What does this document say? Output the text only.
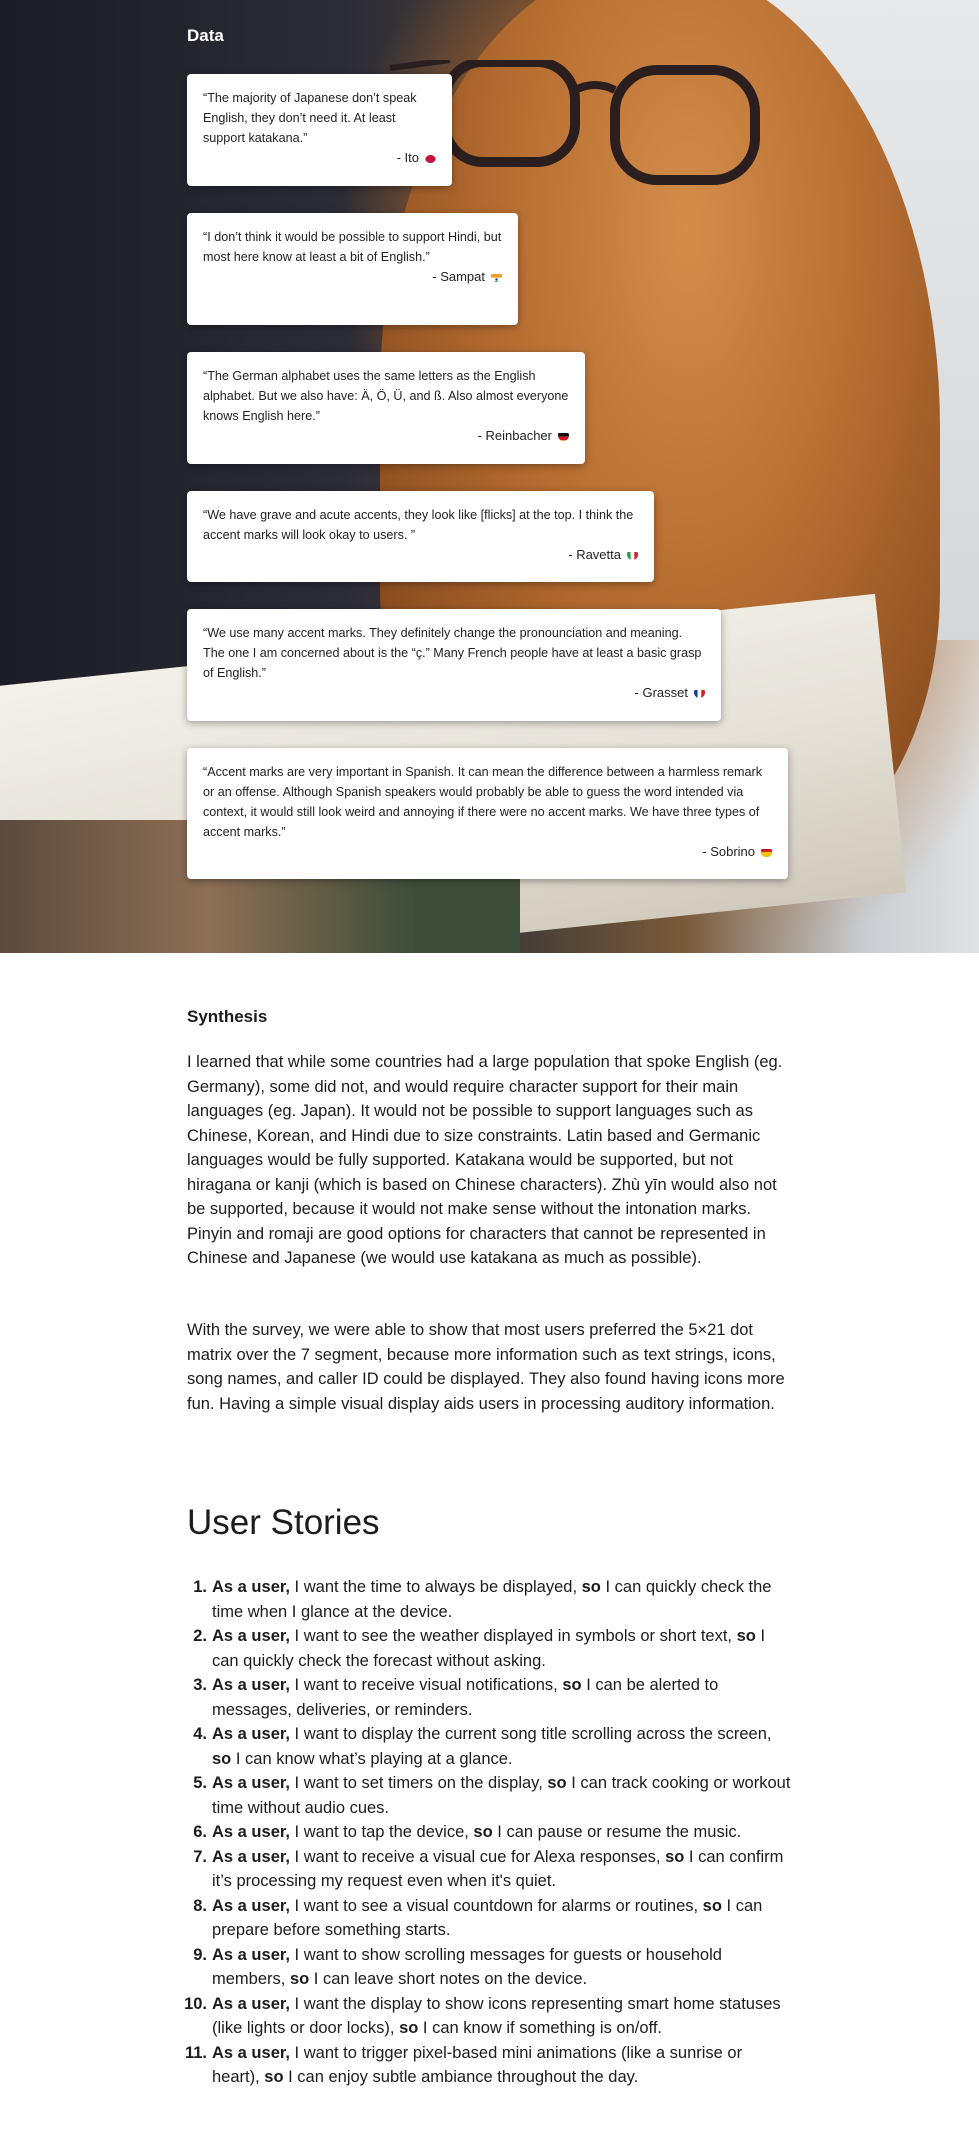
Data

“The majority of Japanese don’t speak English, they don’t need it. At least support katakana.”

- Ito

“I don’t think it would be possible to support Hindi, but most here know at least a bit of English.”

- Sampat

“The German alphabet uses the same letters as the English alphabet. But we also have: Ä, Ö, Ü, and ß. Also almost everyone knows English here.”

- Reinbacher

“We have grave and acute accents, they look like [flicks] at the top. I think the accent marks will look okay to users. ”

- Ravetta

“We use many accent marks. They definitely change the pronounciation and meaning. The one I am concerned about is the “ç.” Many French people have at least a basic grasp of English.”

- Grasset

“Accent marks are very important in Spanish. It can mean the difference between a harmless remark or an offense. Although Spanish speakers would probably be able to guess the word intended via context, it would still look weird and annoying if there were no accent marks. We have three types of accent marks.”

- Sobrino
Synthesis

I learned that while some countries had a large population that spoke English (eg. Germany), some did not, and would require character support for their main languages (eg. Japan). It would not be possible to support languages such as Chinese, Korean, and Hindi due to size constraints. Latin based and Germanic languages would be fully supported. Katakana would be supported, but not hiragana or kanji (which is based on Chinese characters). Zhù yīn would also not be supported, because it would not make sense without the intonation marks. Pinyin and romaji are good options for characters that cannot be represented in Chinese and Japanese (we would use katakana as much as possible).

With the survey, we were able to show that most users preferred the 5×21 dot matrix over the 7 segment, because more information such as text strings, icons, song names, and caller ID could be displayed. They also found having icons more fun. Having a simple visual display aids users in processing auditory information.

User Stories
1. As a user, I want the time to always be displayed, so I can quickly check the time when I glance at the device.
2. As a user, I want to see the weather displayed in symbols or short text, so I can quickly check the forecast without asking.
3. As a user, I want to receive visual notifications, so I can be alerted to messages, deliveries, or reminders.
4. As a user, I want to display the current song title scrolling across the screen, so I can know what’s playing at a glance.
5. As a user, I want to set timers on the display, so I can track cooking or workout time without audio cues.
6. As a user, I want to tap the device, so I can pause or resume the music.
7. As a user, I want to receive a visual cue for Alexa responses, so I can confirm it’s processing my request even when it's quiet.
8. As a user, I want to see a visual countdown for alarms or routines, so I can prepare before something starts.
9. As a user, I want to show scrolling messages for guests or household members, so I can leave short notes on the device.
10. As a user, I want the display to show icons representing smart home statuses (like lights or door locks), so I can know if something is on/off.
11. As a user, I want to trigger pixel-based mini animations (like a sunrise or heart), so I can enjoy subtle ambiance throughout the day.
